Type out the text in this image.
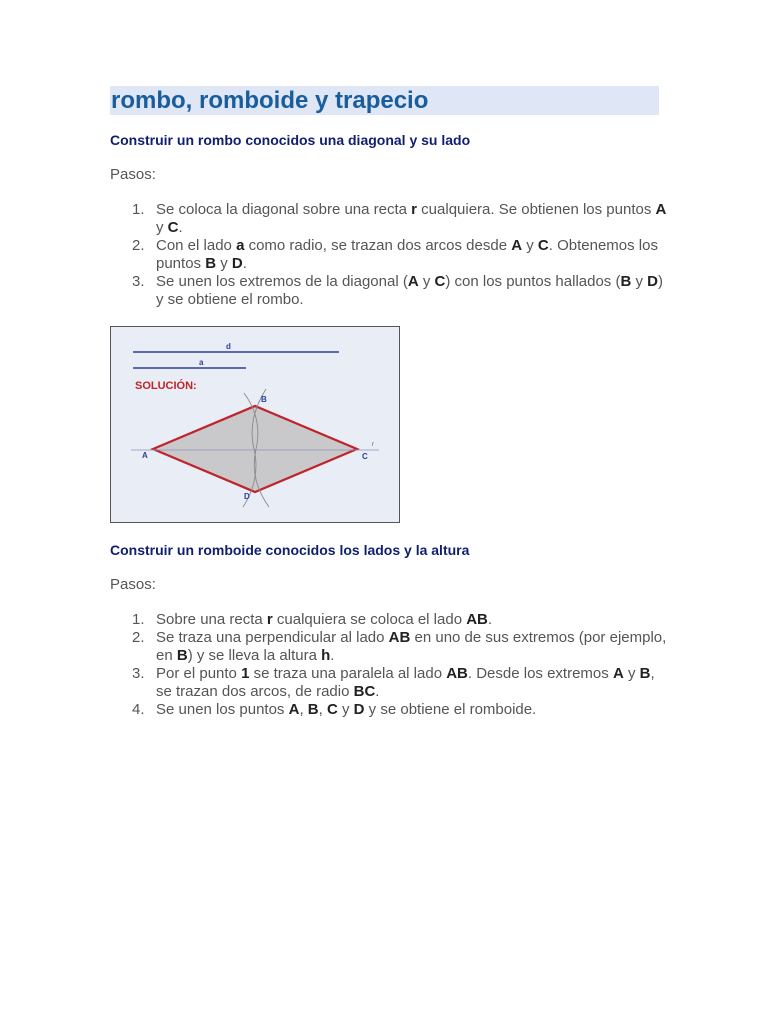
rombo, romboide y trapecio
Construir un rombo conocidos una diagonal y su lado
Pasos:
1. Se coloca la diagonal sobre una recta r cualquiera. Se obtienen los puntos A y C.
2. Con el lado a como radio, se trazan dos arcos desde A y C. Obtenemos los puntos B y D.
3. Se unen los extremos de la diagonal (A y C) con los puntos hallados (B y D) y se obtiene el rombo.
d
a
SOLUCIÓN:
r
A
B
C
D
Construir un romboide conocidos los lados y la altura
Pasos:
1. Sobre una recta r cualquiera se coloca el lado AB.
2. Se traza una perpendicular al lado AB en uno de sus extremos (por ejemplo, en B) y se lleva la altura h.
3. Por el punto 1 se traza una paralela al lado AB. Desde los extremos A y B, se trazan dos arcos, de radio BC.
4. Se unen los puntos A, B, C y D y se obtiene el romboide.
